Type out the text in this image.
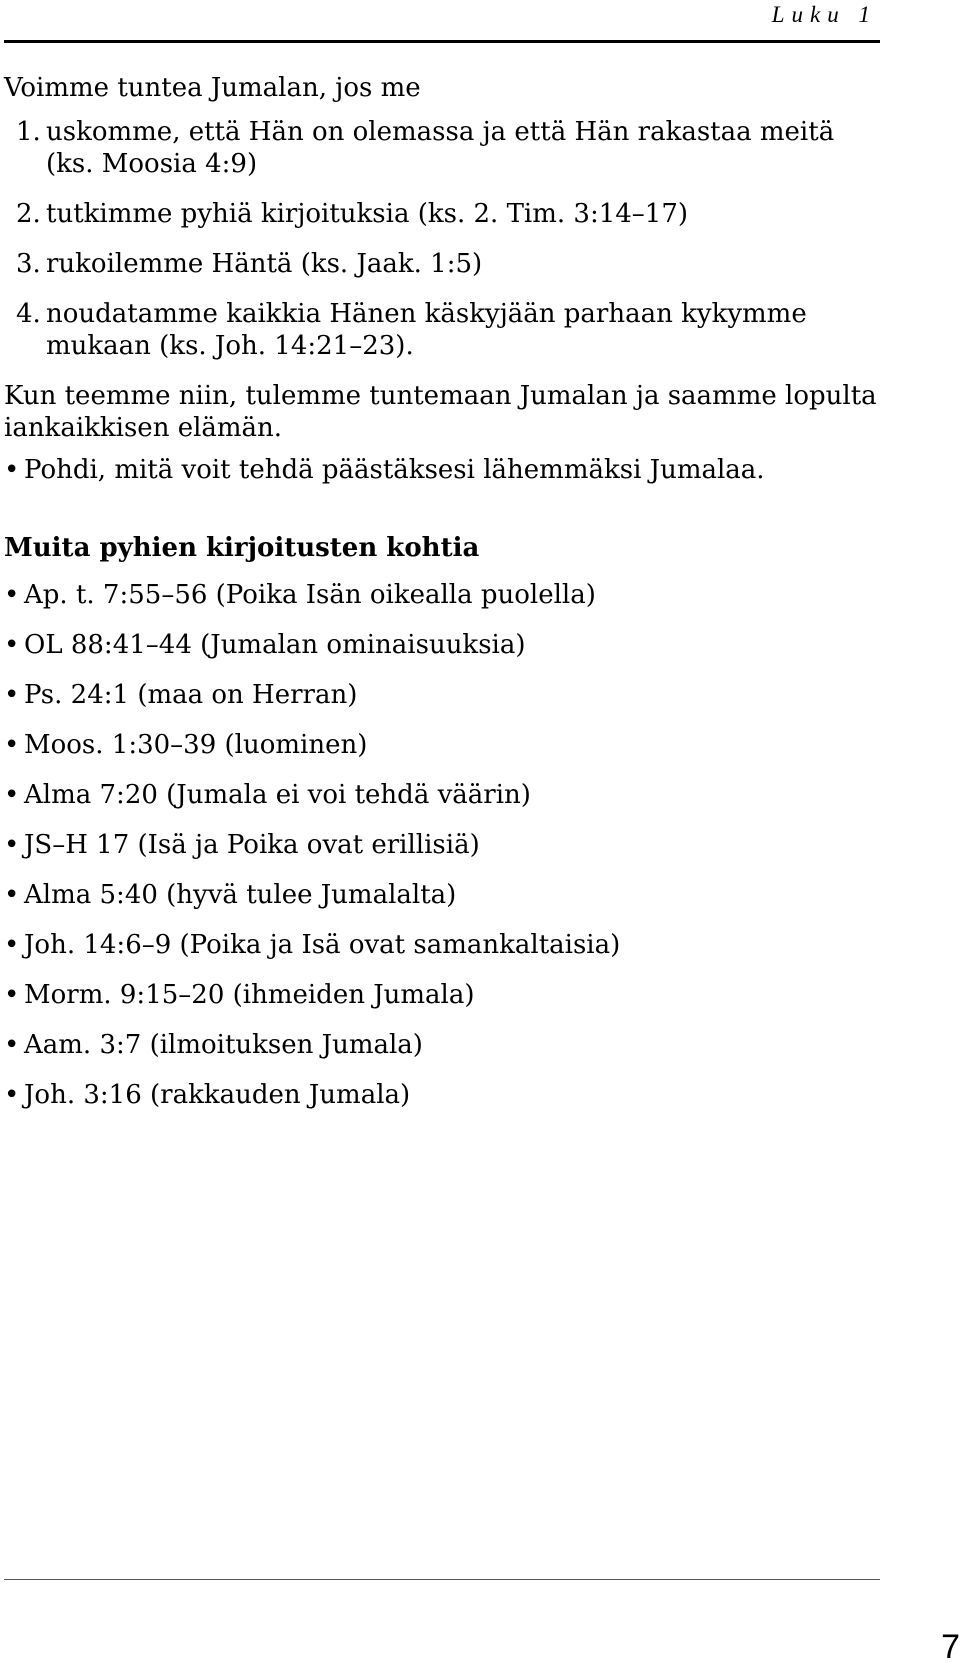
Luku 1

Voimme tuntea Jumalan, jos me

1. uskomme, että Hän on olemassa ja että Hän rakastaa meitä
(ks. Moosia 4:9)
2. tutkimme pyhiä kirjoituksia (ks. 2. Tim. 3:14–17)
3. rukoilemme Häntä (ks. Jaak. 1:5)
4. noudatamme kaikkia Hänen käskyjään parhaan kykymme
mukaan (ks. Joh. 14:21–23).

Kun teemme niin, tulemme tuntemaan Jumalan ja saamme lopulta
iankaikkisen elämän.

• Pohdi, mitä voit tehdä päästäksesi lähemmäksi Jumalaa.

Muita pyhien kirjoitusten kohtia
• Ap. t. 7:55–56 (Poika Isän oikealla puolella)
• OL 88:41–44 (Jumalan ominaisuuksia)
• Ps. 24:1 (maa on Herran)
• Moos. 1:30–39 (luominen)
• Alma 7:20 (Jumala ei voi tehdä väärin)
• JS–H 17 (Isä ja Poika ovat erillisiä)
• Alma 5:40 (hyvä tulee Jumalalta)
• Joh. 14:6–9 (Poika ja Isä ovat samankaltaisia)
• Morm. 9:15–20 (ihmeiden Jumala)
• Aam. 3:7 (ilmoituksen Jumala)
• Joh. 3:16 (rakkauden Jumala)
7
